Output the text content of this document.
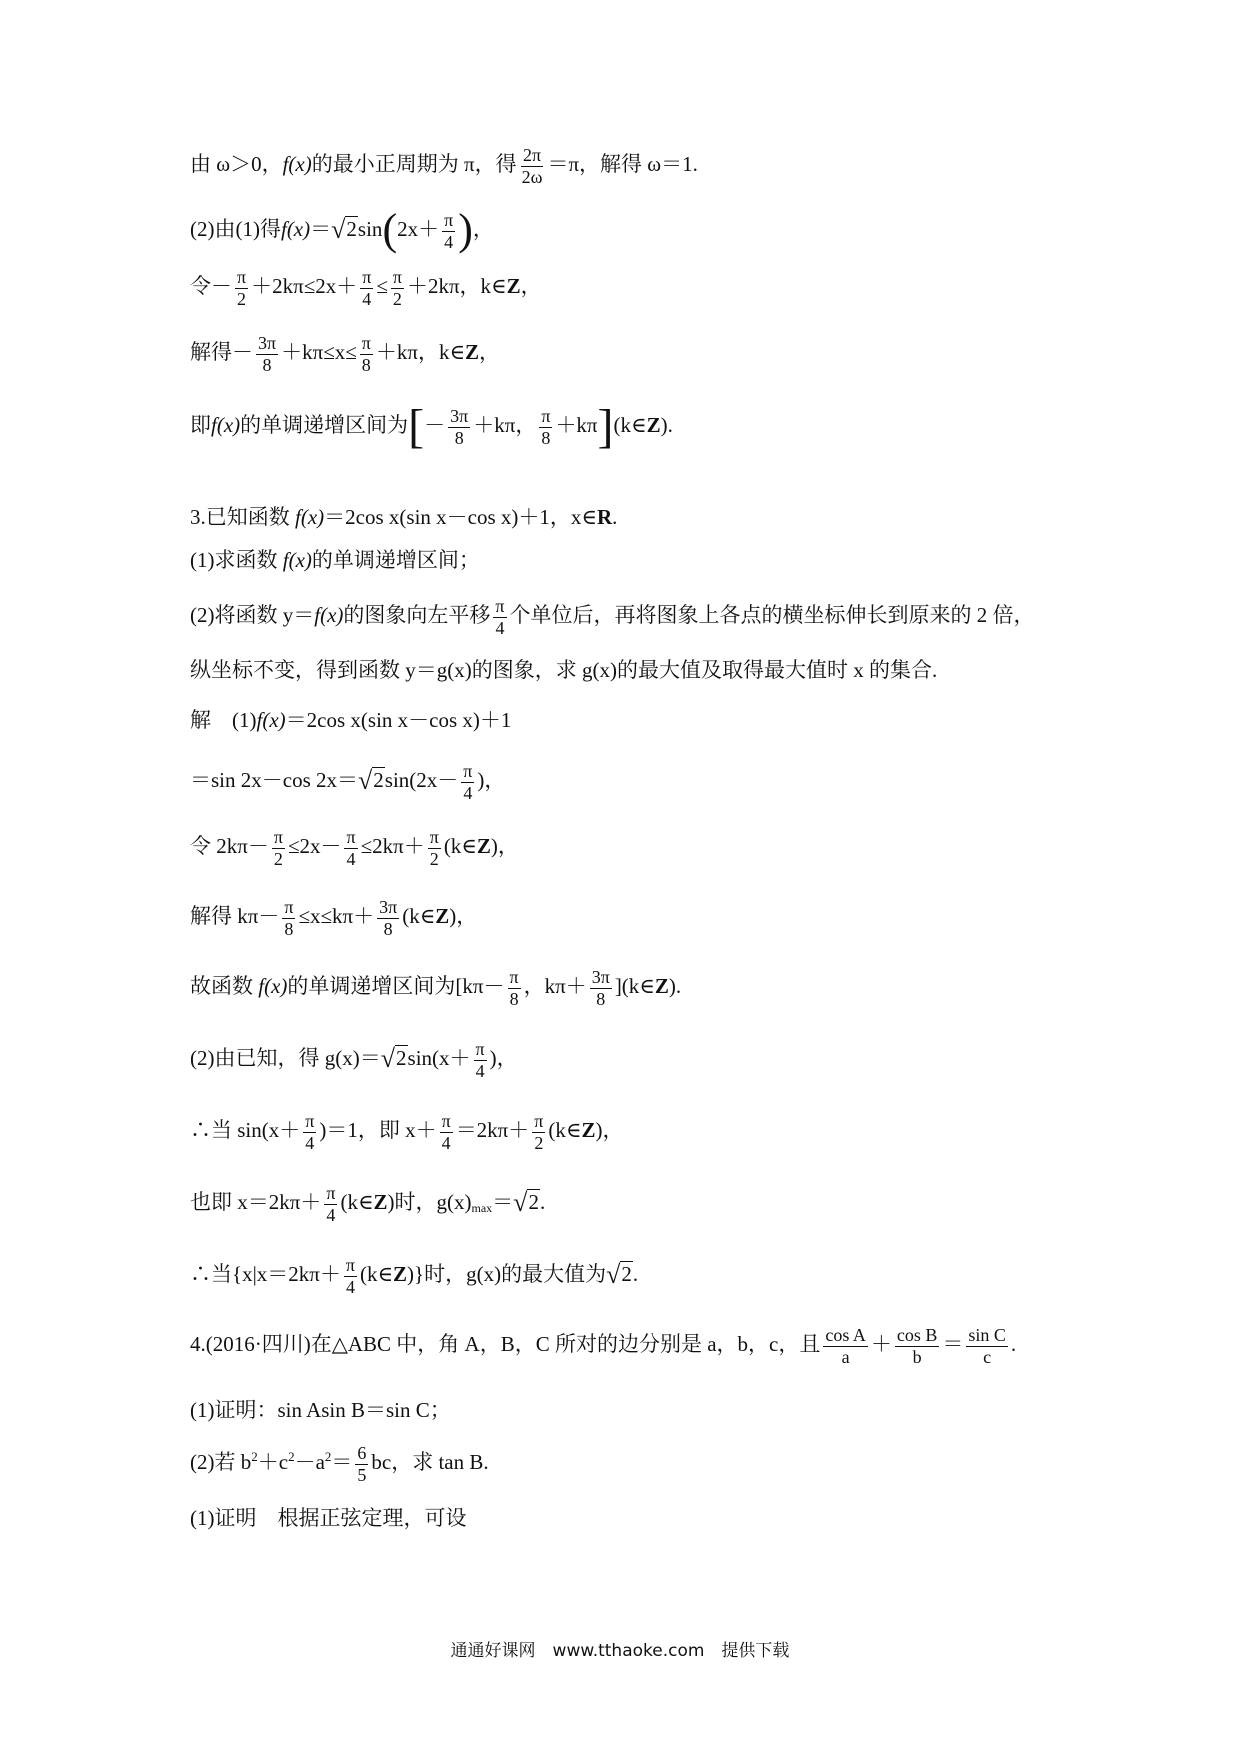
由 ω＞0，f(x)的最小正周期为 π，得 $\frac{2\pi}{2\omega} =\pi$，解得 ω＝1.
(2)由(1)得$f(x)=√2\sin(2x+ \frac{\pi}{4}$ )，
令－ $\frac{\pi}{2} +2k\pi\le 2x+ \frac{\pi}{4} \le \frac{\pi}{2} +2k\pi$，k∈Z，
解得－ $\frac{3\pi}{8} +k\pi\le x\le \frac{\pi}{8} +k\pi$，k∈Z，
即f(x)的单调递增区间为[－ $\frac{3\pi}{8} +k\pi$， $\frac{\pi}{8}$ ＋kπ](k∈Z).
3.已知函数 f(x)＝2cos x(sin x－cos x)＋1，x∈R.
(1)求函数 f(x)的单调递增区间；
(2)将函数 y＝f(x)的图象向左平移 $\frac{\pi}{4}$ 个单位后，再将图象上各点的横坐标伸长到原来的 2 倍，
纵坐标不变，得到函数 y＝g(x)的图象，求 g(x)的最大值及取得最大值时 x 的集合.
解　(1)f(x)＝2cos x(sin x－cos x)＋1
＝sin 2x－cos $2x=√2\sin(2x- \frac{\pi}{4}$ )，
令 $2k\pi- \frac{\pi}{2} \le 2x- \frac{\pi}{4} \le 2k\pi+ \frac{\pi}{2}$ (k∈Z)，
解得 $k\pi- \frac{\pi}{8} \le x\le k\pi+ \frac{3\pi}{8}$ (k∈Z)，
故函数 f(x)的单调递增区间为[$k\pi- \frac{\pi}{8}$ ，$k\pi+ \frac{3\pi}{8}$ ](k∈Z).
(2)由已知，得 $g(x)=√2\sin(x+ \frac{\pi}{4}$ )，
∴当 $\sin(x+ \frac{\pi}{4} )=1$，即 $x+ \frac{\pi}{4} =2k\pi+ \frac{\pi}{2}$ (k∈Z)，
也即 $x=2k\pi+ \frac{\pi}{4}$ (k∈Z)时，$g(x)_{max}=√2$.
∴当{$x|x=2k\pi+ \frac{\pi}{4}$ (k∈Z)}时，g(x)的最大值为√2.
4.(2016·四川)在△ABC 中，角 A，B，C 所对的边分别是 a，b，c，且 $\frac{\text{cos A}}{a} + \frac{\text{cos B}}{b} = \frac{\text{sin C}}{c}$ .
(1)证明：sin Asin B＝sin C；
(2)若 $b^2+c^2-a^2= \frac{6}{5}$ bc，求 tan B.
(1)证明　根据正弦定理，可设
通通好课网　www.tthaoke.com　提供下载
